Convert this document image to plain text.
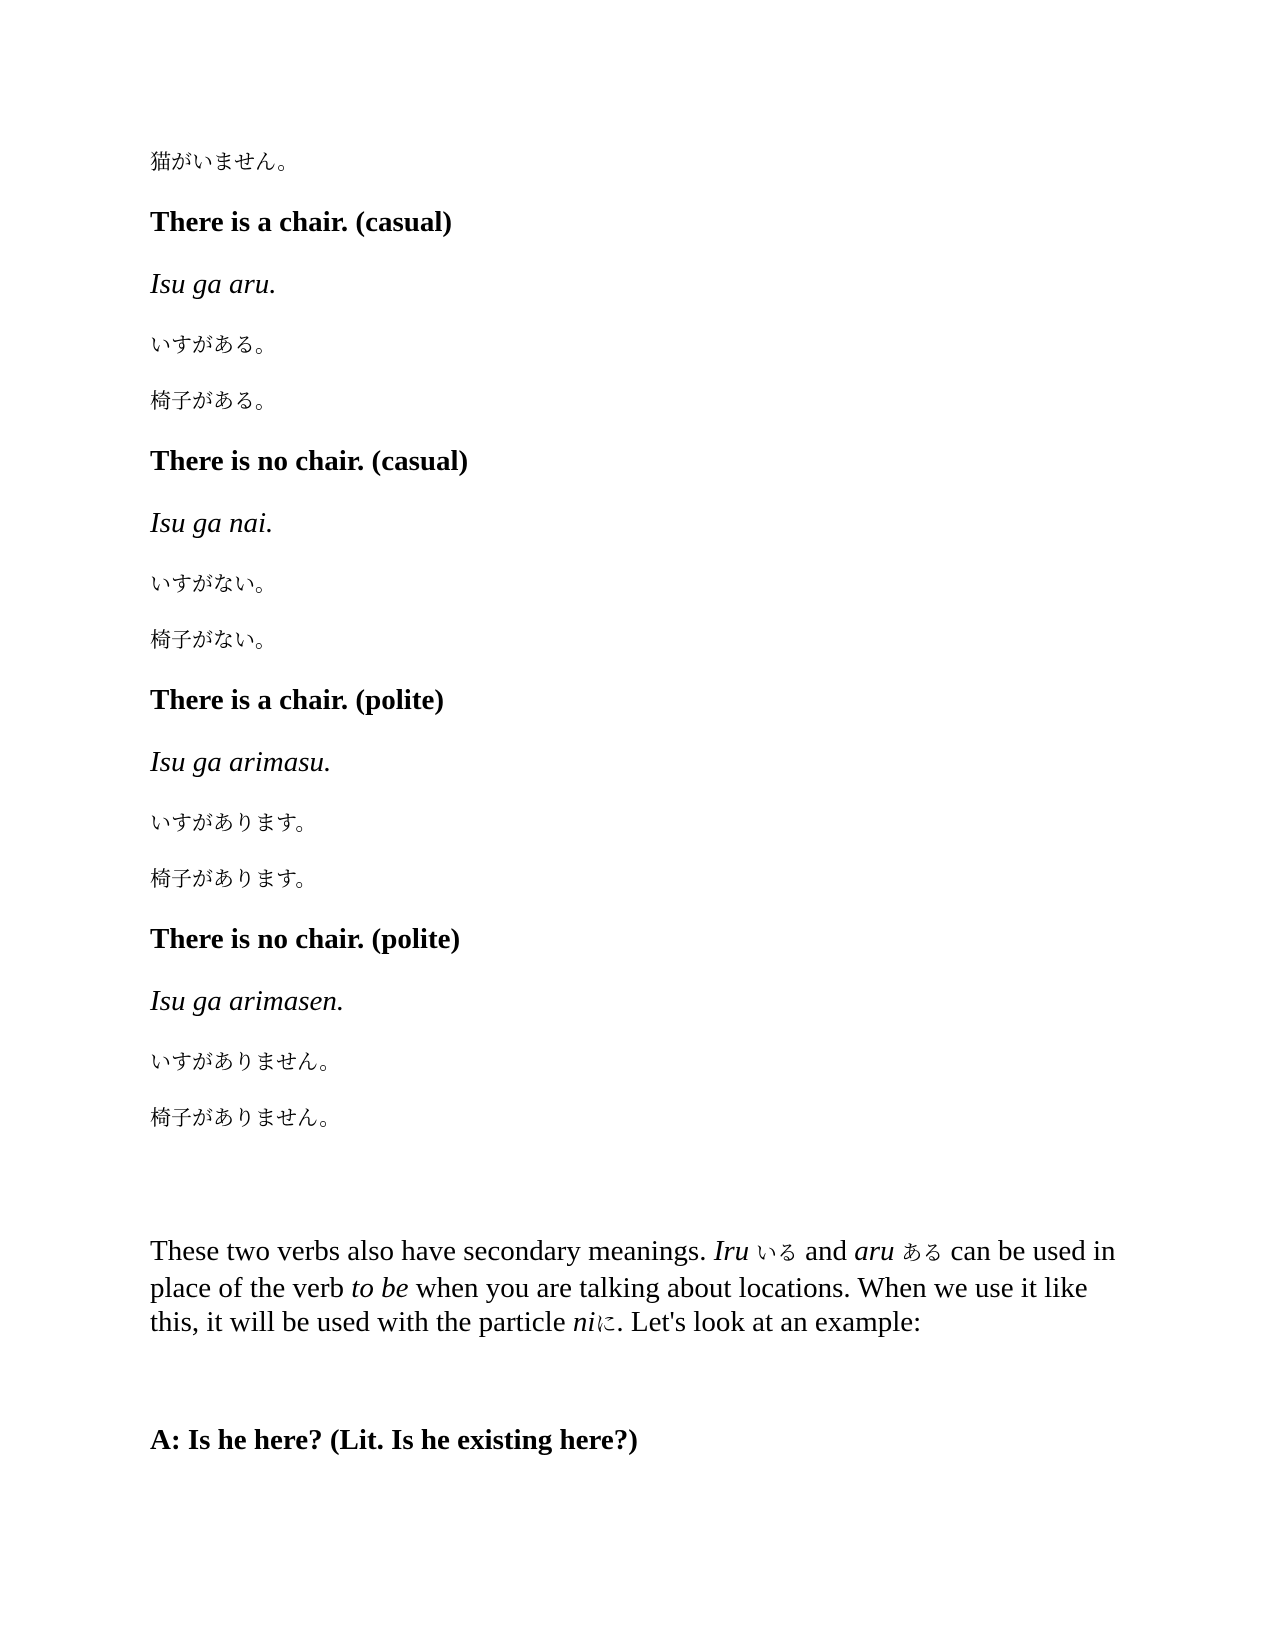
猫がいません。

There is a chair. (casual)

Isu ga aru.

いすがある。

椅子がある。

There is no chair. (casual)

Isu ga nai.

いすがない。

椅子がない。

There is a chair. (polite)

Isu ga arimasu.

いすがあります。

椅子があります。

There is no chair. (polite)

Isu ga arimasen.

いすがありません。

椅子がありません。

These two verbs also have secondary meanings. Iru いる and aru ある can be used in place of the verb to be when you are talking about locations. When we use it like this, it will be used with the particle niに. Let's look at an example:

A: Is he here? (Lit. Is he existing here?)
